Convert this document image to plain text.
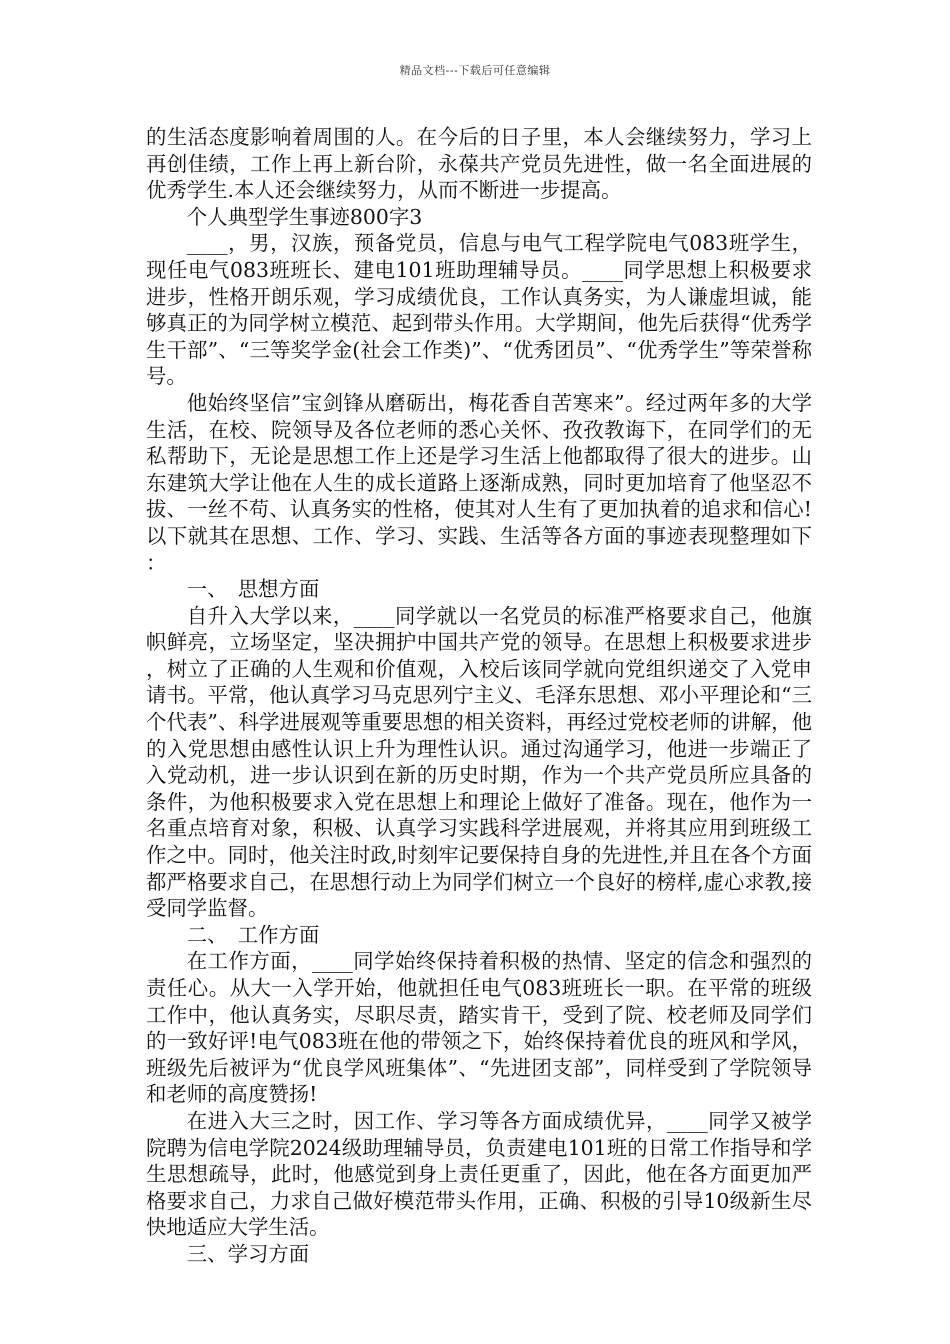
精品文档---下载后可任意编辑

的生活态度影响着周围的人。在今后的日子里，本人会继续努力，学习上再创佳绩，工作上再上新台阶，永葆共产党员先进性，做一名全面进展的优秀学生.本人还会继续努力，从而不断进一步提高。

个人典型学生事迹800字3

____，男，汉族，预备党员，信息与电气工程学院电气083班学生，现任电气083班班长、建电101班助理辅导员。____同学思想上积极要求进步，性格开朗乐观，学习成绩优良，工作认真务实，为人谦虚坦诚，能够真正的为同学树立模范、起到带头作用。大学期间，他先后获得“优秀学生干部”、“三等奖学金(社会工作类)”、“优秀团员”、“优秀学生”等荣誉称号。

他始终坚信”宝剑锋从磨砺出，梅花香自苦寒来”。经过两年多的大学生活，在校、院领导及各位老师的悉心关怀、孜孜教诲下，在同学们的无私帮助下，无论是思想工作上还是学习生活上他都取得了很大的进步。山东建筑大学让他在人生的成长道路上逐渐成熟，同时更加培育了他坚忍不拔、一丝不苟、认真务实的性格，使其对人生有了更加执着的追求和信心!以下就其在思想、工作、学习、实践、生活等各方面的事迹表现整理如下：

一、　思想方面

自升入大学以来，____同学就以一名党员的标准严格要求自己，他旗帜鲜亮，立场坚定，坚决拥护中国共产党的领导。在思想上积极要求进步，树立了正确的人生观和价值观，入校后该同学就向党组织递交了入党申请书。平常，他认真学习马克思列宁主义、毛泽东思想、邓小平理论和“三个代表”、科学进展观等重要思想的相关资料，再经过党校老师的讲解，他的入党思想由感性认识上升为理性认识。通过沟通学习，他进一步端正了入党动机，进一步认识到在新的历史时期，作为一个共产党员所应具备的条件，为他积极要求入党在思想上和理论上做好了准备。现在，他作为一名重点培育对象，积极、认真学习实践科学进展观，并将其应用到班级工作之中。同时，他关注时政,时刻牢记要保持自身的先进性,并且在各个方面都严格要求自己，在思想行动上为同学们树立一个良好的榜样,虚心求教,接受同学监督。

二、　工作方面

在工作方面，____同学始终保持着积极的热情、坚定的信念和强烈的责任心。从大一入学开始，他就担任电气083班班长一职。在平常的班级工作中，他认真务实，尽职尽责，踏实肯干，受到了院、校老师及同学们的一致好评!电气083班在他的带领之下，始终保持着优良的班风和学风，班级先后被评为“优良学风班集体”、“先进团支部”，同样受到了学院领导和老师的高度赞扬!

在进入大三之时，因工作、学习等各方面成绩优异，____同学又被学院聘为信电学院2024级助理辅导员，负责建电101班的日常工作指导和学生思想疏导，此时，他感觉到身上责任更重了，因此，他在各方面更加严格要求自己，力求自己做好模范带头作用，正确、积极的引导10级新生尽快地适应大学生活。

三、学习方面
